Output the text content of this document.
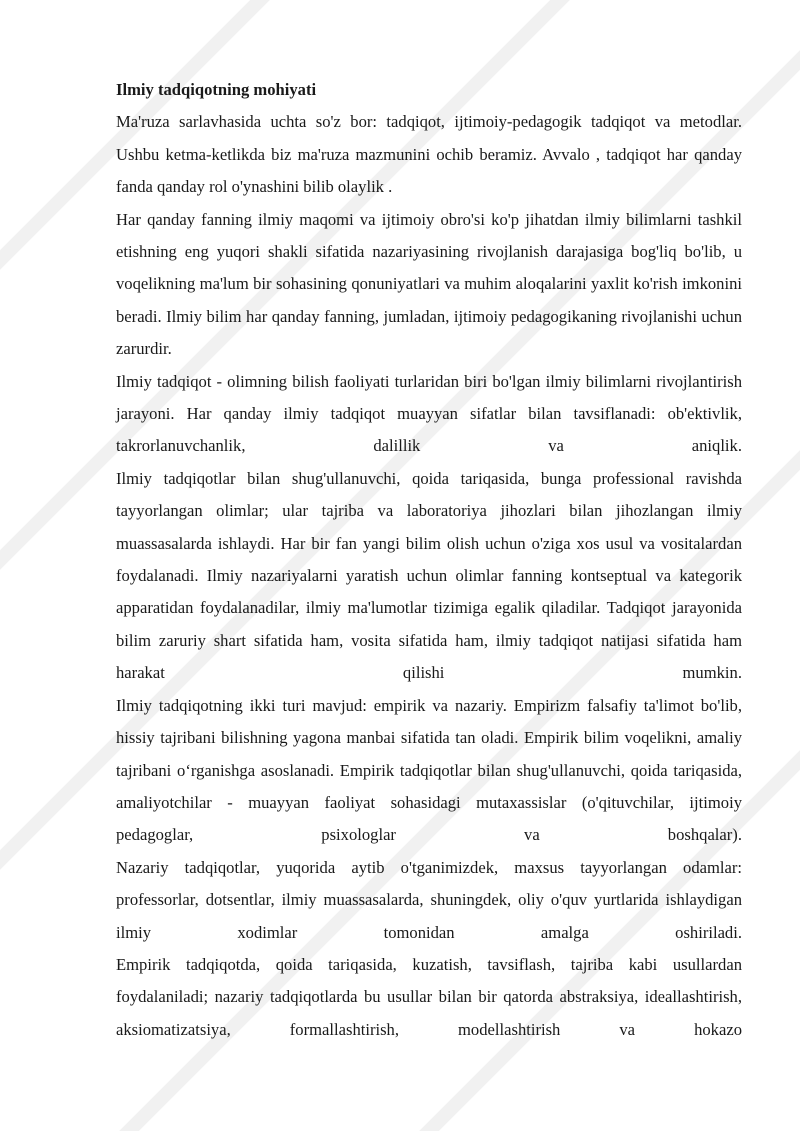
Ilmiy tadqiqotning mohiyati

Ma'ruza sarlavhasida uchta so'z bor: tadqiqot, ijtimoiy-pedagogik tadqiqot va metodlar. Ushbu ketma-ketlikda biz ma'ruza mazmunini ochib beramiz. Avvalo , tadqiqot har qanday fanda qanday rol o'ynashini bilib olaylik .

Har qanday fanning ilmiy maqomi va ijtimoiy obro'si ko'p jihatdan ilmiy bilimlarni tashkil etishning eng yuqori shakli sifatida nazariyasining rivojlanish darajasiga bog'liq bo'lib, u voqelikning ma'lum bir sohasining qonuniyatlari va muhim aloqalarini yaxlit ko'rish imkonini beradi. Ilmiy bilim har qanday fanning, jumladan, ijtimoiy pedagogikaning rivojlanishi uchun zarurdir.

Ilmiy tadqiqot - olimning bilish faoliyati turlaridan biri bo'lgan ilmiy bilimlarni rivojlantirish jarayoni. Har qanday ilmiy tadqiqot muayyan sifatlar bilan tavsiflanadi: ob'ektivlik, takrorlanuvchanlik, dalillik va aniqlik.

Ilmiy tadqiqotlar bilan shug'ullanuvchi, qoida tariqasida, bunga professional ravishda tayyorlangan olimlar; ular tajriba va laboratoriya jihozlari bilan jihozlangan ilmiy muassasalarda ishlaydi. Har bir fan yangi bilim olish uchun o'ziga xos usul va vositalardan foydalanadi. Ilmiy nazariyalarni yaratish uchun olimlar fanning kontseptual va kategorik apparatidan foydalanadilar, ilmiy ma'lumotlar tizimiga egalik qiladilar. Tadqiqot jarayonida bilim zaruriy shart sifatida ham, vosita sifatida ham, ilmiy tadqiqot natijasi sifatida ham harakat qilishi mumkin.

Ilmiy tadqiqotning ikki turi mavjud: empirik va nazariy. Empirizm falsafiy ta'limot bo'lib, hissiy tajribani bilishning yagona manbai sifatida tan oladi. Empirik bilim voqelikni, amaliy tajribani o‘rganishga asoslanadi. Empirik tadqiqotlar bilan shug'ullanuvchi, qoida tariqasida, amaliyotchilar - muayyan faoliyat sohasidagi mutaxassislar (o'qituvchilar, ijtimoiy pedagoglar, psixologlar va boshqalar).

Nazariy tadqiqotlar, yuqorida aytib o'tganimizdek, maxsus tayyorlangan odamlar: professorlar, dotsentlar, ilmiy muassasalarda, shuningdek, oliy o'quv yurtlarida ishlaydigan ilmiy xodimlar tomonidan amalga oshiriladi.

Empirik tadqiqotda, qoida tariqasida, kuzatish, tavsiflash, tajriba kabi usullardan foydalaniladi; nazariy tadqiqotlarda bu usullar bilan bir qatorda abstraksiya, ideallashtirish, aksiomatizatsiya, formallashtirish, modellashtirish va hokazo
